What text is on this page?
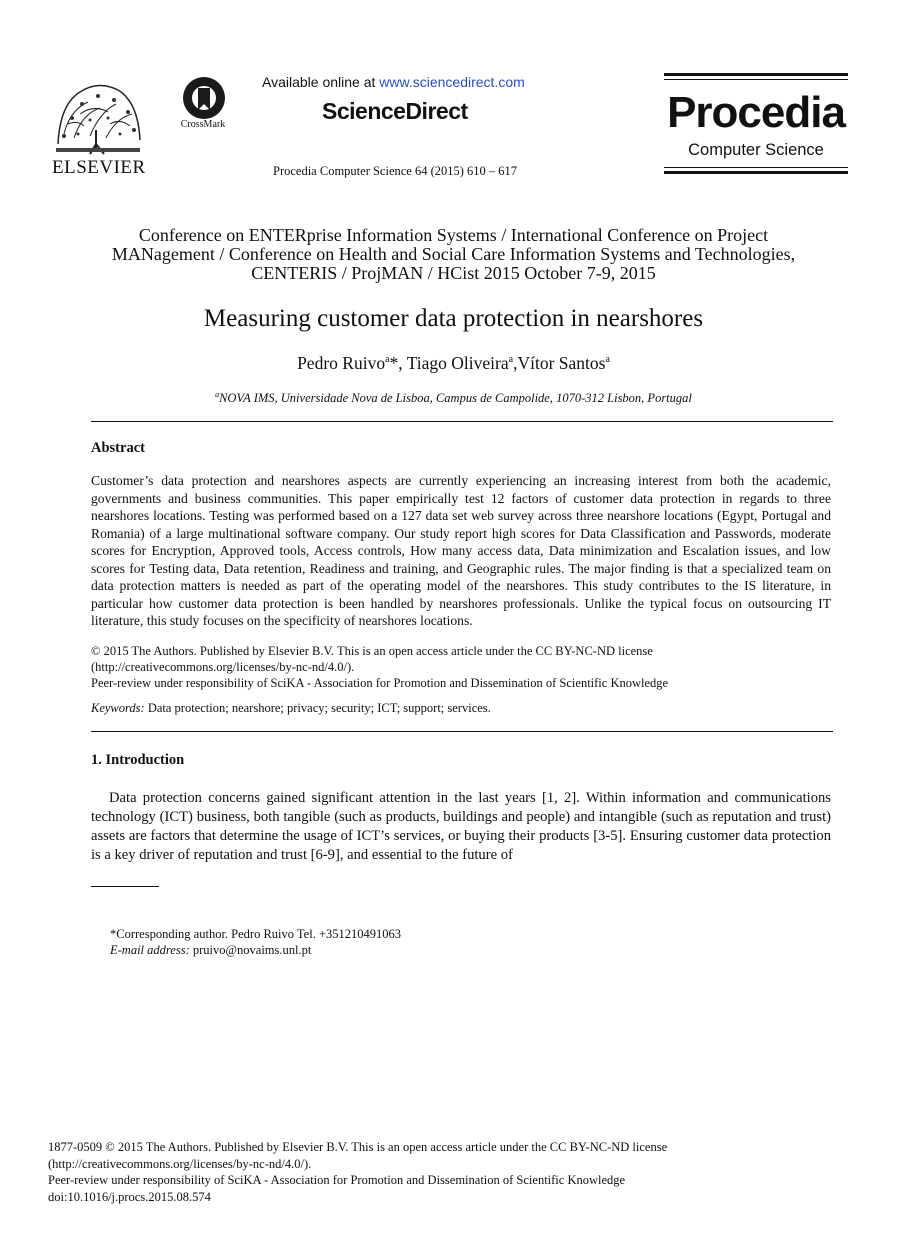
ELSEVIER
CrossMark
Available online at www.sciencedirect.com
ScienceDirect
Procedia Computer Science 64 (2015) 610 – 617
Procedia
Computer Science
Conference on ENTERprise Information Systems / International Conference on Project
MANagement / Conference on Health and Social Care Information Systems and Technologies,
CENTERIS / ProjMAN / HCist 2015 October 7-9, 2015
Measuring customer data protection in nearshores
Pedro Ruivo$^a$*, Tiago Oliveira$^a$,Vítor Santos$^a$
$^a$NOVA IMS, Universidade Nova de Lisboa, Campus de Campolide, 1070-312 Lisbon, Portugal
Abstract
Customer’s data protection and nearshores aspects are currently experiencing an increasing interest from both the academic, governments and business communities. This paper empirically test 12 factors of customer data protection in regards to three nearshores locations. Testing was performed based on a 127 data set web survey across three nearshore locations (Egypt, Portugal and Romania) of a large multinational software company. Our study report high scores for Data Classification and Passwords, moderate scores for Encryption, Approved tools, Access controls, How many access data, Data minimization and Escalation issues, and low scores for Testing data, Data retention, Readiness and training, and Geographic rules. The major finding is that a specialized team on data protection matters is needed as part of the operating model of the nearshores. This study contributes to the IS literature, in particular how customer data protection is been handled by nearshores professionals. Unlike the typical focus on outsourcing IT literature, this study focuses on the specificity of nearshores locations.
© 2015 The Authors. Published by Elsevier B.V. This is an open access article under the CC BY-NC-ND license
(http://creativecommons.org/licenses/by-nc-nd/4.0/).
Peer-review under responsibility of SciKA - Association for Promotion and Dissemination of Scientific Knowledge
Keywords: Data protection; nearshore; privacy; security; ICT; support; services.
1. Introduction

Data protection concerns gained significant attention in the last years [1, 2]. Within information and communications technology (ICT) business, both tangible (such as products, buildings and people) and intangible (such as reputation and trust) assets are factors that determine the usage of ICT’s services, or buying their products [3-5]. Ensuring customer data protection is a key driver of reputation and trust [6-9], and essential to the future of

*Corresponding author. Pedro Ruivo Tel. +351210491063
E-mail address: pruivo@novaims.unl.pt
1877-0509 © 2015 The Authors. Published by Elsevier B.V. This is an open access article under the CC BY-NC-ND license
(http://creativecommons.org/licenses/by-nc-nd/4.0/).
Peer-review under responsibility of SciKA - Association for Promotion and Dissemination of Scientific Knowledge
doi:10.1016/j.procs.2015.08.574
